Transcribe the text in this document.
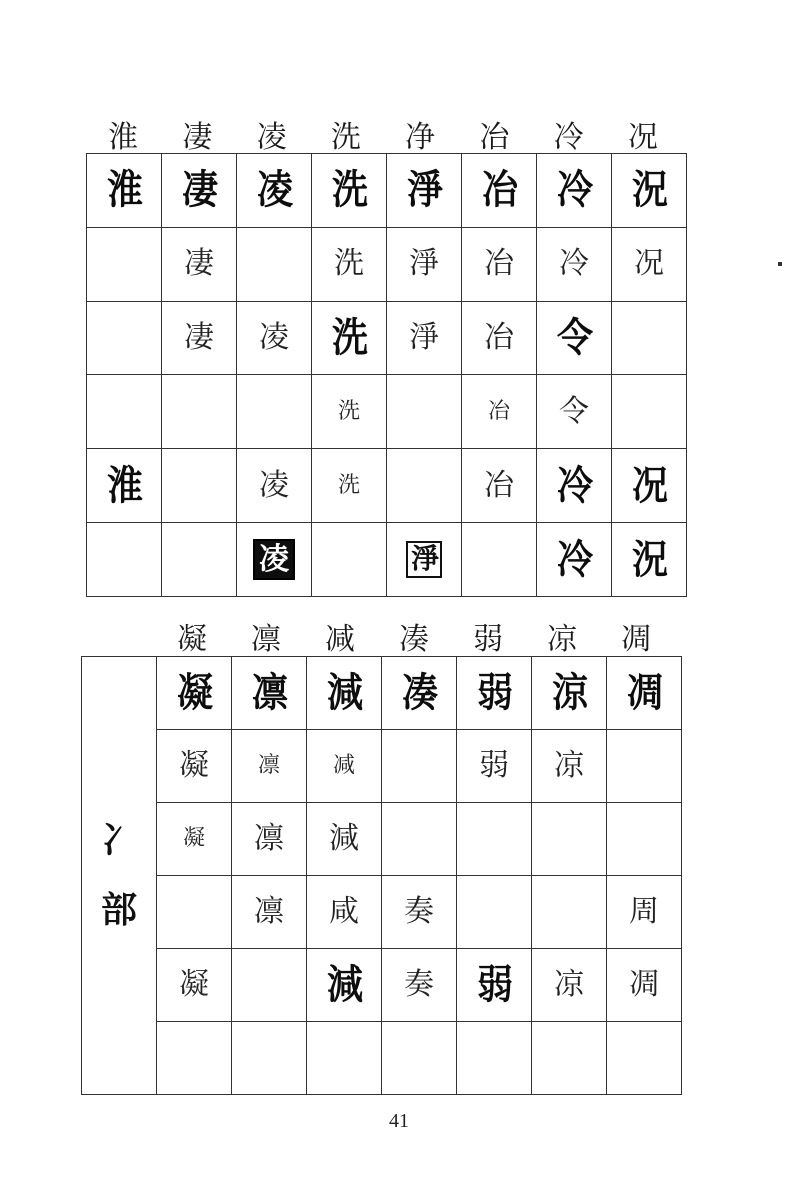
淮	凄	凌	洗	净	冶	冷	况
淮	凄	凌	洗	淨	冶	冷	況
	凄		洗	淨	冶	冷	况
	凄	凌	洗	淨	冶	令	
			洗		冶	令	
淮		凌	洗		冶	冷	况
		凌		淨		冷	況
凝	凛	减	凑	弱	凉	凋
冫
部	凝	凛	減	凑	弱	涼	凋
	凝	凛	减		弱	凉	
	凝	凛	減				
		凛	咸	奏			周
	凝		減	奏	弱	凉	凋

41
